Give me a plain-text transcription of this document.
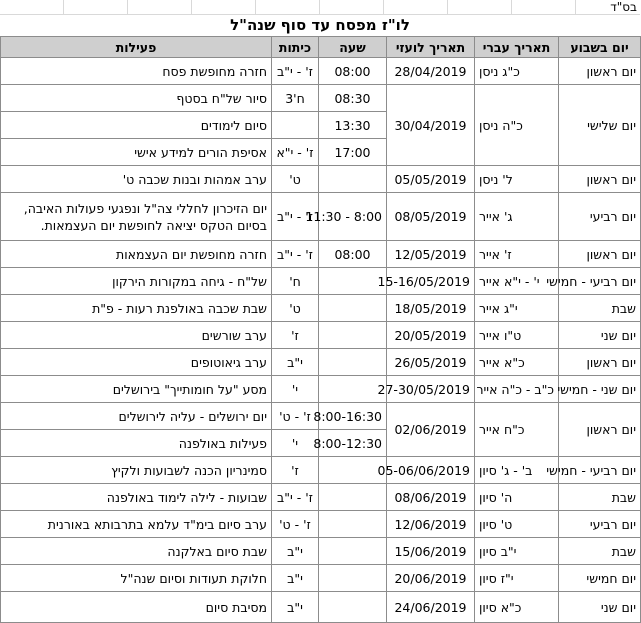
בס"ד
לו"ז מפסח עד סוף שנה"ל
יום בשבוע	תאריך עברי	תאריך לועזי	שעה	כיתות	פעילות
יום ראשון	כ"ג ניסן	28/04/2019	08:00	ז' - י"ב	חזרה מחופשת פסח
יום שלישי	כ"ה ניסן	30/04/2019	08:30	ח'3	סיור של"ח בסטף
			13:30		סיום לימודים
			17:00	ז' - י"א	אסיפת הורים למידע אישי
יום ראשון	ל' ניסן	05/05/2019		ט'	ערב אמהות ובנות שכבה ט'
יום רביעי	ג' אייר	08/05/2019	8:00 - 11:30	ז' - י"ב	יום הזיכרון לחללי צה"ל ונפגעי פעולות האיבה, בסיום הטקס יציאה לחופשת יום העצמאות.
יום ראשון	ז' אייר	12/05/2019	08:00	ז' - י"ב	חזרה מחופשת יום העצמאות
יום רביעי - חמישי	י' - י"א אייר	15-16/05/2019		ח'	של"ח - גיחה במקורות הירקון
שבת	י"ג אייר	18/05/2019		ט'	שבת שכבה באולפנת רעות - פ"ת
יום שני	ט"ו אייר	20/05/2019		ז'	ערב שורשים
יום ראשון	כ"א אייר	26/05/2019		י"ב	ערב גיאוטופים
יום שני - חמישי	כ"ב - כ"ה אייר	27-30/05/2019		י'	מסע "על חומותייך" בירושלים
יום ראשון	כ"ח אייר	02/06/2019	8:00-16:30	ז' - ט'	יום ירושלים - עליה לירושלים
			8:00-12:30	י'	פעילות באולפנה
יום רביעי - חמישי	ב' - ג' סיון	05-06/06/2019		ז'	סמינריון הכנה לשבועות ולקיץ
שבת	ה' סיון	08/06/2019		ז' - י"ב	שבועות - לילה לימוד באולפנה
יום רביעי	ט' סיון	12/06/2019		ז' - ט'	ערב סיום בימ"ד עלמא בתרבותא באורנית
שבת	י"ב סיון	15/06/2019		י"ב	שבת סיום באלקנה
יום חמישי	י"ז סיון	20/06/2019		י"ב	חלוקת תעודות וסיום שנה"ל
יום שני	כ"א סיון	24/06/2019		י"ב	מסיבת סיום
